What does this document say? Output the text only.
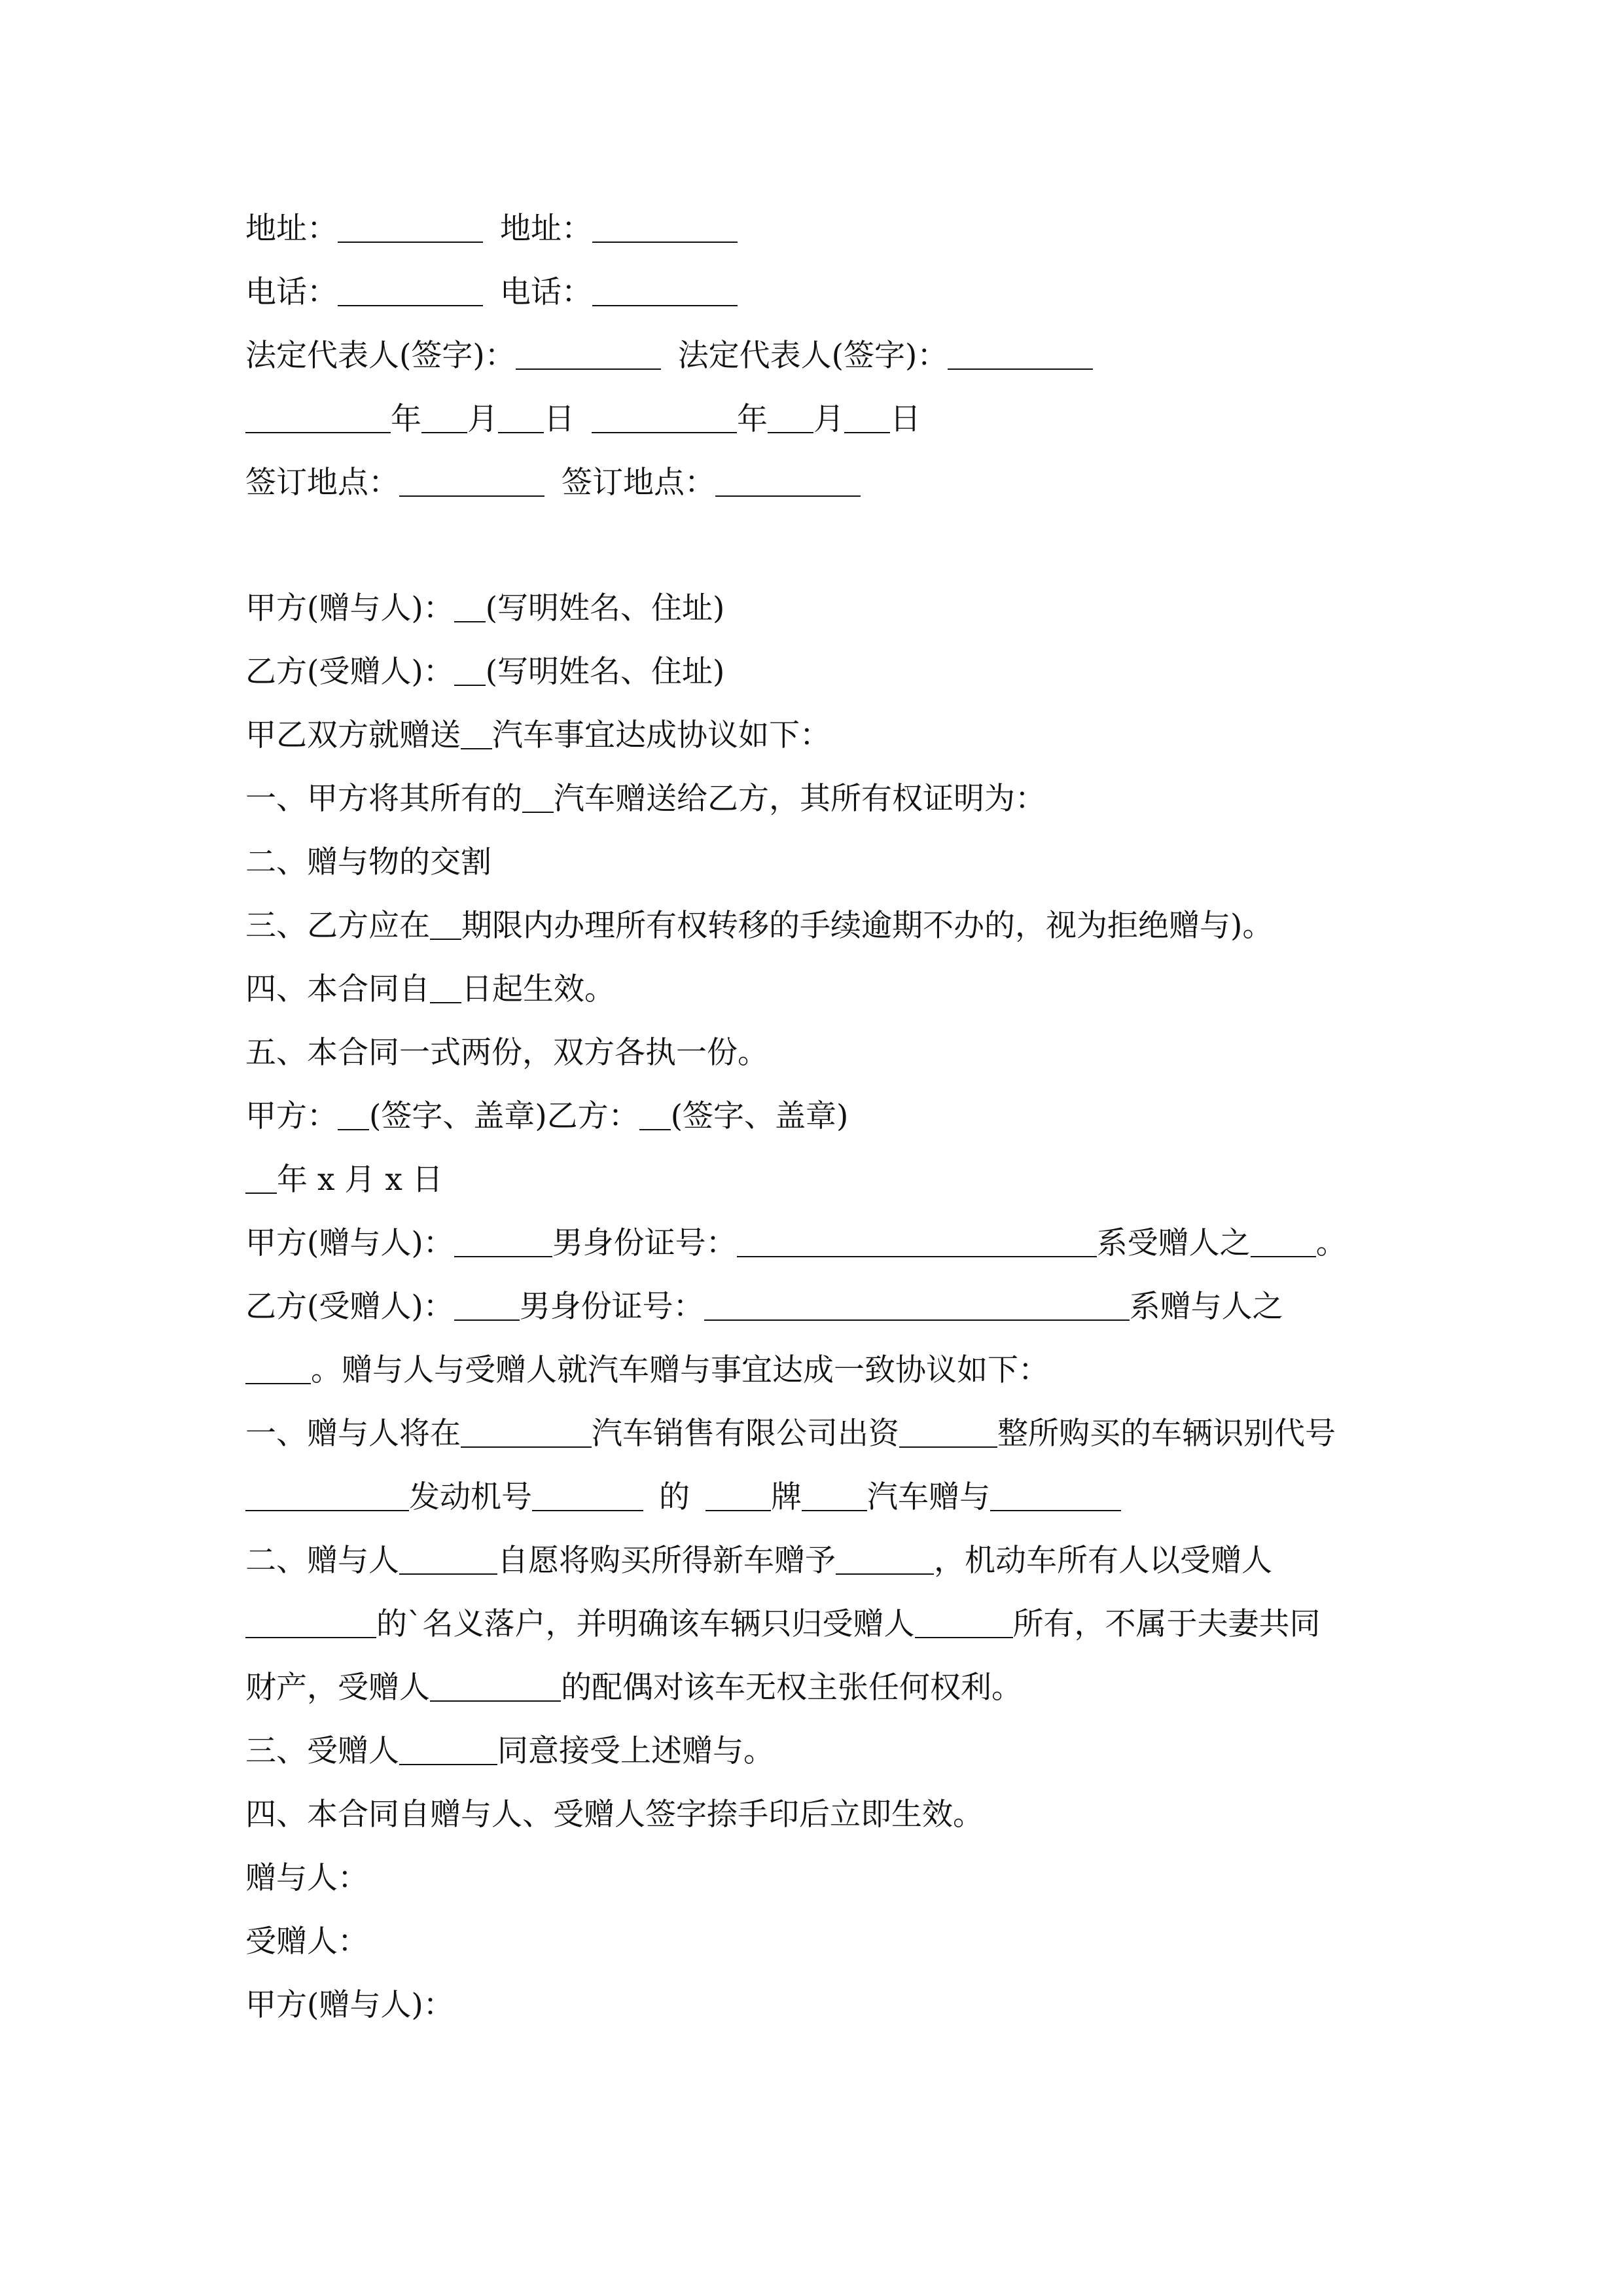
地址：	地址：
电话：	电话：
法定代表人(签字)：	法定代表人(签字)：
年 月 日	年 月 日
签订地点：	签订地点：
甲方(赠与人)： (写明姓名、住址)
乙方(受赠人)： (写明姓名、住址)
甲乙双方就赠送 汽车事宜达成协议如下：
一、甲方将其所有的 汽车赠送给乙方，其所有权证明为：
二、赠与物的交割
三、乙方应在 期限内办理所有权转移的手续逾期不办的，视为拒绝赠与)。
四、本合同自 日起生效。
五、本合同一式两份，双方各执一份。
甲方： (签字、盖章)乙方： (签字、盖章)
年 x 月 x 日
甲方(赠与人)：	男身份证号：	系受赠人之 。
乙方(受赠人)： 男身份证号：	系赠与人之
。赠与人与受赠人就汽车赠与事宜达成一致协议如下：
一、赠与人将在	汽车销售有限公司出资	整所购买的车辆识别代号
发动机号	的	牌 汽车赠与
二、赠与人	自愿将购买所得新车赠予	，机动车所有人以受赠人
的`名义落户，并明确该车辆只归受赠人	所有，不属于夫妻共同
财产，受赠人	的配偶对该车无权主张任何权利。
三、受赠人	同意接受上述赠与。
四、本合同自赠与人、受赠人签字捺手印后立即生效。
赠与人：
受赠人：
甲方(赠与人)：
